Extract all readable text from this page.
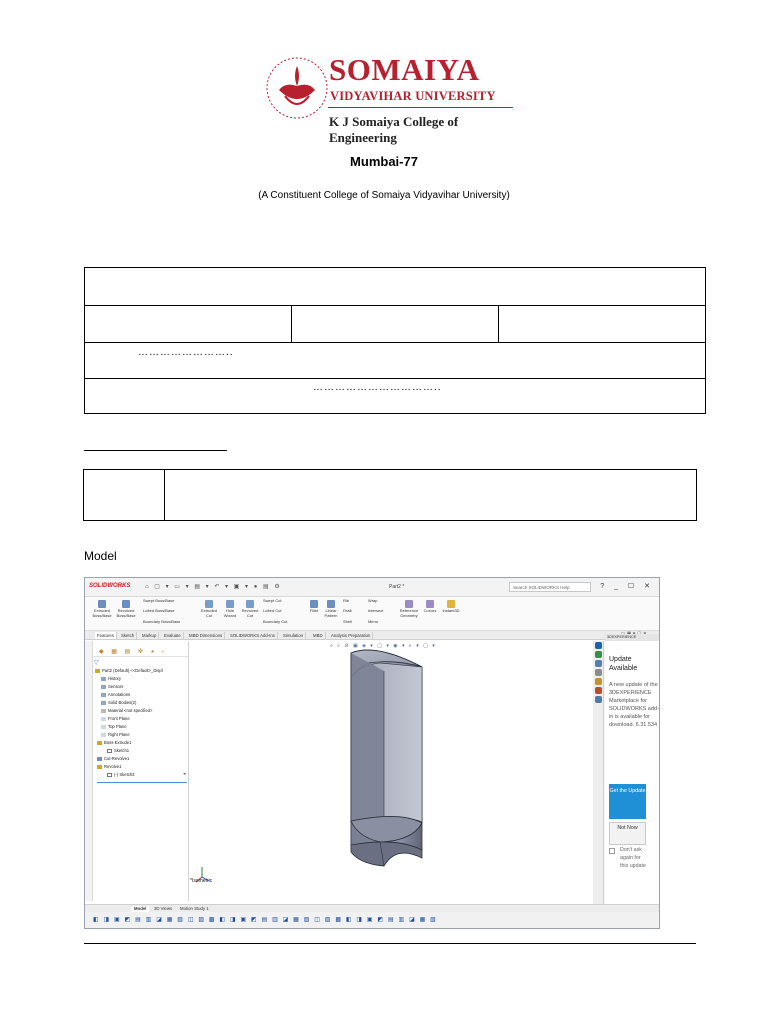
SOMAIYA
VIDYAVIHAR UNIVERSITY
K J Somaiya College of Engineering
Mumbai-77
(A Constituent College of Somaiya Vidyavihar University)
……………………..
……………………………..
Model
SOLIDWORKS ⌂ ▢ ▾ ▭ ▾ ▤ ▾ ↶ ▾ ▣ ▾ ● ▤ ⚙	Part2 *	Search SOLIDWORKS Help	? _ ☐ ✕
Extruded Boss/Base
Revolved Boss/Base
Swept Boss/Base
Lofted Boss/Base
Boundary Boss/Base
Extruded Cut
Hole Wizard
Revolved Cut
Swept Cut
Lofted Cut
Boundary Cut
Fillet	Linear Pattern
Rib
Draft
Shell
Wrap
Intersect
Mirror
Reference Geometry
Curves	Instant3D
Features	Sketch	Markup	Evaluate	MBD Dimensions	SOLIDWORKS Add-Ins	Simulation	MBD	Analysis Preparation
◆ ▦ ▤ ✜ ◕ ›
▽
Part2 (Default) <<Default>_Displ
History
Sensors
Annotations
Solid Bodies(2)
Material <not specified>
Front Plane
Top Plane
Right Plane
Boss-Extrude1
Sketch1
Cut-Revolve1
Revolve1
(-) Sketch3	◂
⌕ ⌕ ⊘ ▣ ◈ ▾ ▢ ▾ ◉ ▾ ◐ ▾ ▢ ▾
*Isometric
3DEXPERIENCE
Update Available
A new update of the 3DEXPERIENCE Marketplace for SOLIDWORKS add-in is available for download. 6.31.534
Get the Update
Not Now
Don't ask again for this update
Model	3D Views	Motion Study 1
◧ ◨ ▣ ◩ ▤ ▥ ◪ ▦ ▧ ◫ ▨ ▩ ◧ ◨ ▣ ◩ ▤ ▥ ◪ ▦ ▧ ◫ ▨ ▩ ◧ ◨ ▣ ◩ ▤ ▥ ◪ ▦ ▧
